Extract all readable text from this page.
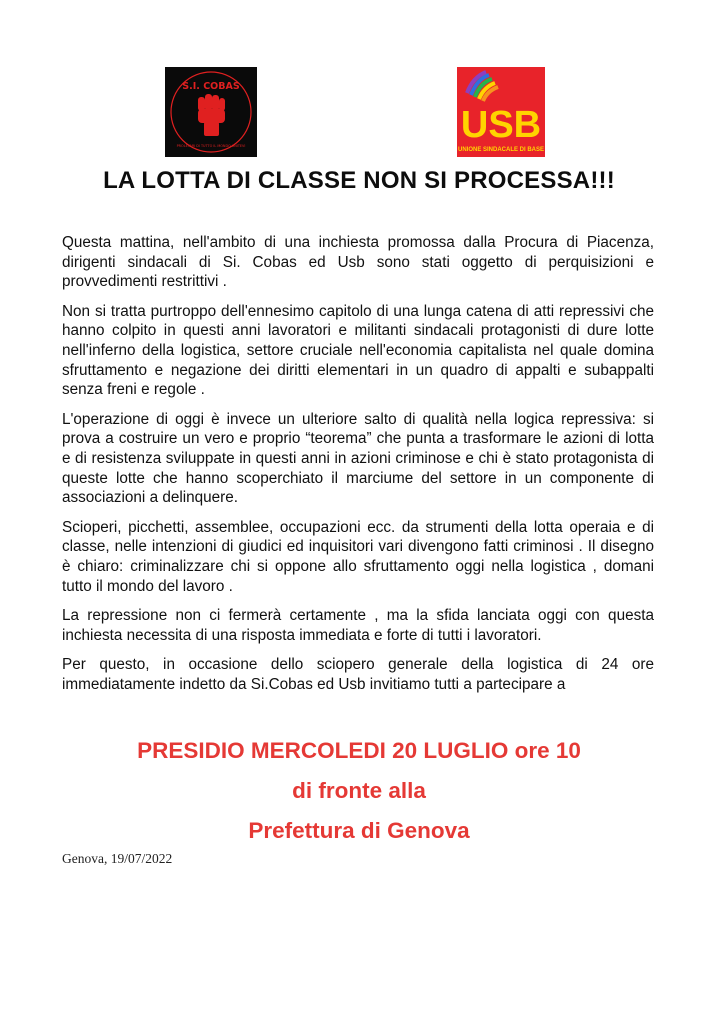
S.I. COBAS
PROLETARI DI TUTTO IL MONDO UNITEVI	USB
UNIONE SINDACALE DI BASE
LA LOTTA DI CLASSE NON SI PROCESSA!!!

Questa mattina, nell'ambito di una inchiesta promossa dalla Procura di Piacenza, dirigenti sindacali di Si. Cobas ed Usb sono stati oggetto di perquisizioni e provvedimenti restrittivi .

Non si tratta purtroppo dell'ennesimo capitolo di una lunga catena di atti repressivi che hanno colpito in questi anni lavoratori e militanti sindacali protagonisti di dure lotte nell'inferno della logistica, settore cruciale nell'economia capitalista nel quale domina sfruttamento e negazione dei diritti elementari in un quadro di appalti e subappalti senza freni e regole .

L'operazione di oggi è invece un ulteriore salto di qualità nella logica repressiva: si prova a costruire un vero e proprio “teorema” che punta a trasformare le azioni di lotta e di resistenza sviluppate in questi anni in azioni criminose e chi è stato protagonista di queste lotte che hanno scoperchiato il marciume del settore in un componente di associazioni a delinquere.

Scioperi, picchetti, assemblee, occupazioni ecc. da strumenti della lotta operaia e di classe, nelle intenzioni di giudici ed inquisitori vari divengono fatti criminosi . Il disegno è chiaro: criminalizzare chi si oppone allo sfruttamento oggi nella logistica , domani tutto il mondo del lavoro .

La repressione non ci fermerà certamente , ma la sfida lanciata oggi con questa inchiesta necessita di una risposta immediata e forte di tutti i lavoratori.

Per questo, in occasione dello sciopero generale della logistica di 24 ore immediatamente indetto da Si.Cobas ed Usb invitiamo tutti a partecipare a

PRESIDIO MERCOLEDI 20 LUGLIO ore 10
di fronte alla
Prefettura di Genova
Genova, 19/07/2022
